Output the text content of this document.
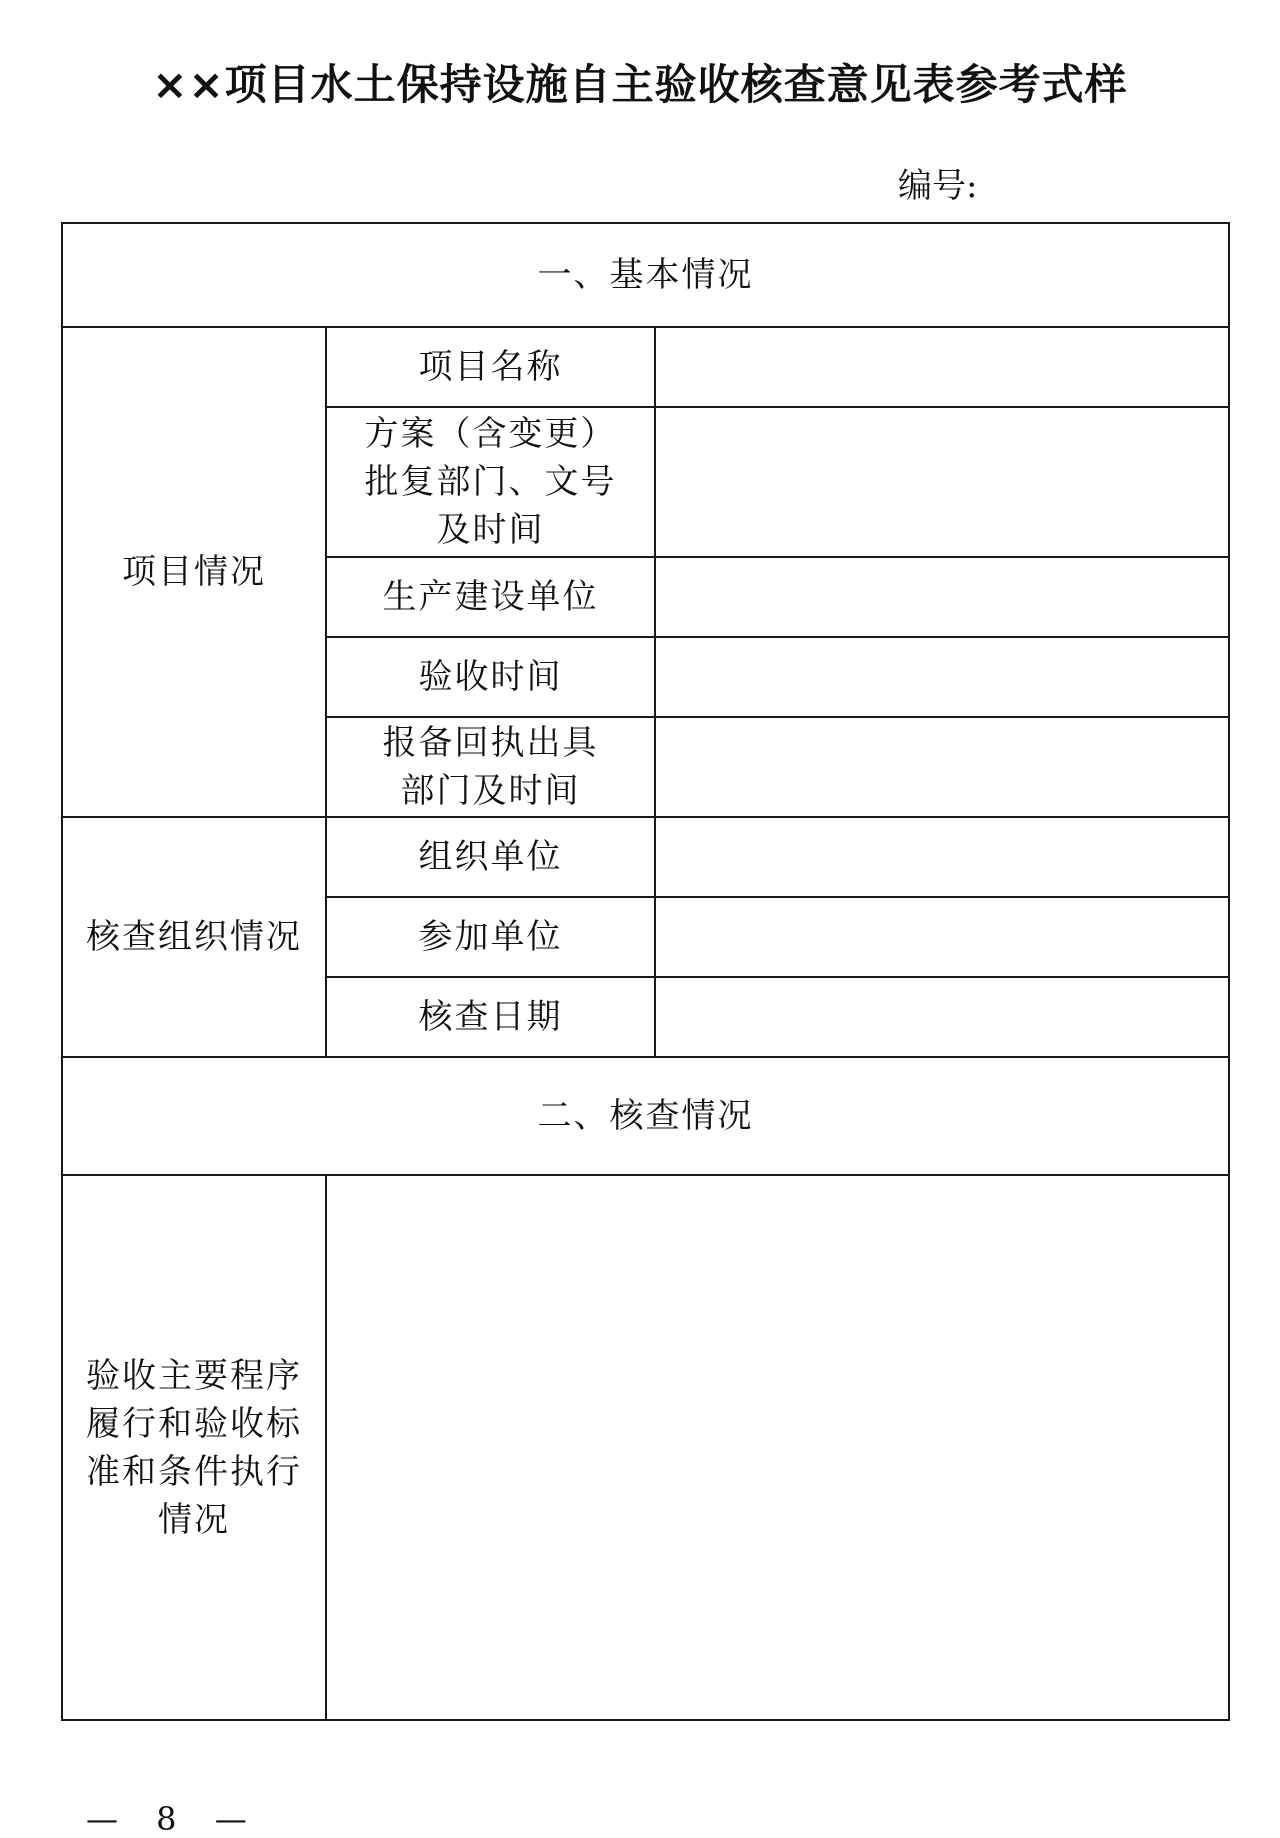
××项目水土保持设施自主验收核查意见表参考式样
编号:
一、基本情况		
项目情况	项目名称	
	方案（含变更）
批复部门、文号
及时间	
	生产建设单位	
	验收时间	
	报备回执出具
部门及时间	
核查组织情况	组织单位	
	参加单位	
	核查日期	
二、核查情况		
验收主要程序
履行和验收标
准和条件执行
情况		
— 8 —
